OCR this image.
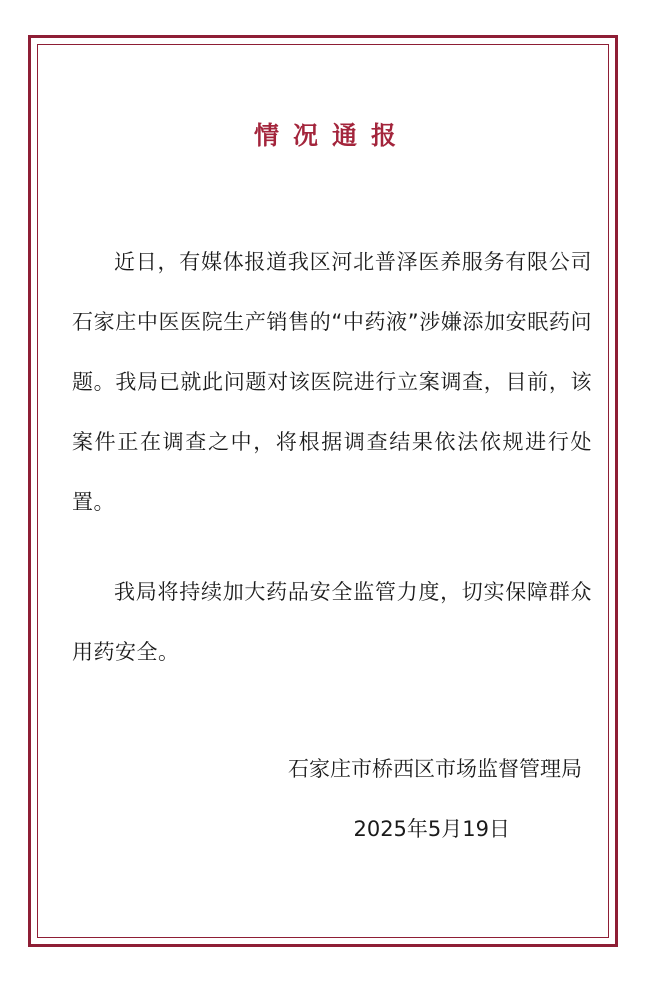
情况通报

近日，有媒体报道我区河北普泽医养服务有限公司石家庄中医医院生产销售的“中药液”涉嫌添加安眠药问题。我局已就此问题对该医院进行立案调查，目前，该案件正在调查之中，将根据调查结果依法依规进行处置。

我局将持续加大药品安全监管力度，切实保障群众用药安全。

石家庄市桥西区市场监督管理局
2025年5月19日
